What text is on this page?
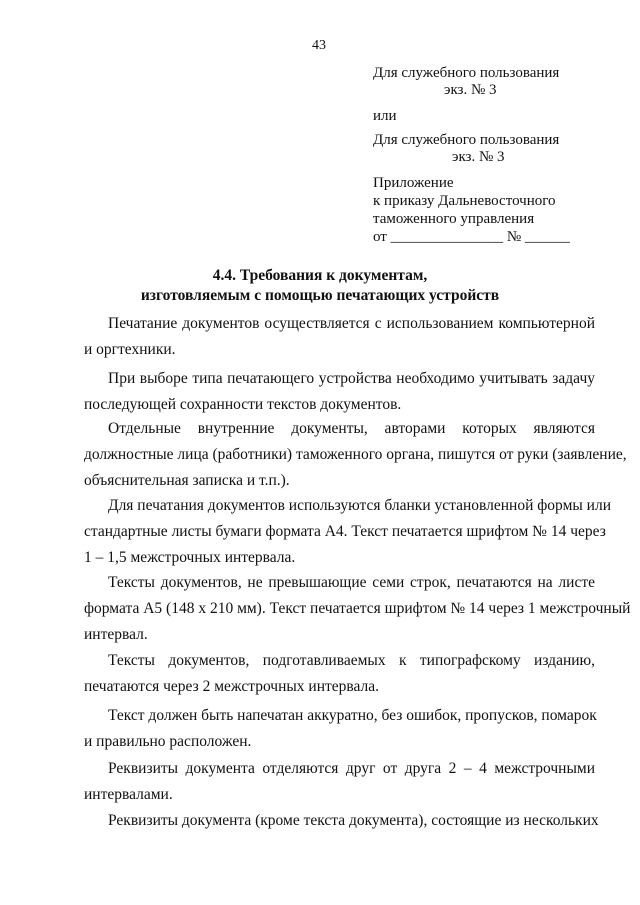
43
Для служебного пользования
экз. № 3
или
Для служебного пользования
экз. № 3
Приложение
к приказу Дальневосточного
таможенного управления
от _______________ № ______
4.4. Требования к документам,
изготовляемым с помощью печатающих устройств
Печатание документов осуществляется с использованием компьютерной
и оргтехники.
При выборе типа печатающего устройства необходимо учитывать задачу
последующей сохранности текстов документов.
Отдельные внутренние документы, авторами которых являются
должностные лица (работники) таможенного органа, пишутся от руки (заявление,
объяснительная записка и т.п.).
Для печатания документов используются бланки установленной формы или
стандартные листы бумаги формата А4. Текст печатается шрифтом № 14 через
1 – 1,5 межстрочных интервала.
Тексты документов, не превышающие семи строк, печатаются на листе
формата А5 (148 х 210 мм). Текст печатается шрифтом № 14 через 1 межстрочный
интервал.
Тексты документов, подготавливаемых к типографскому изданию,
печатаются через 2 межстрочных интервала.
Текст должен быть напечатан аккуратно, без ошибок, пропусков, помарок
и правильно расположен.
Реквизиты документа отделяются друг от друга 2 – 4 межстрочными
интервалами.
Реквизиты документа (кроме текста документа), состоящие из нескольких
